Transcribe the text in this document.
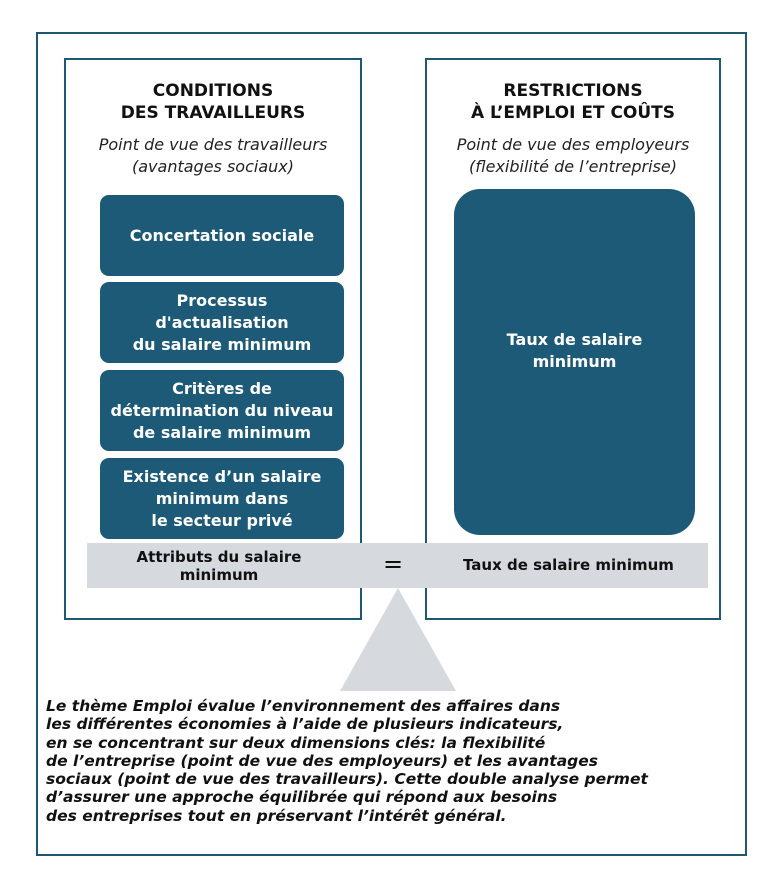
CONDITIONS
DES TRAVAILLEURS
Point de vue des travailleurs
(avantages sociaux)
Concertation sociale
Processus
d'actualisation
du salaire minimum
Critères de
détermination du niveau
de salaire minimum
Existence d’un salaire
minimum dans
le secteur privé
RESTRICTIONS
À L’EMPLOI ET COÛTS
Point de vue des employeurs
(flexibilité de l’entreprise)
Taux de salaire
minimum
Attributs du salaire
minimum	=	Taux de salaire minimum
Le thème Emploi évalue l’environnement des affaires dans
les différentes économies à l’aide de plusieurs indicateurs,
en se concentrant sur deux dimensions clés: la flexibilité
de l’entreprise (point de vue des employeurs) et les avantages
sociaux (point de vue des travailleurs). Cette double analyse permet
d’assurer une approche équilibrée qui répond aux besoins
des entreprises tout en préservant l’intérêt général.
